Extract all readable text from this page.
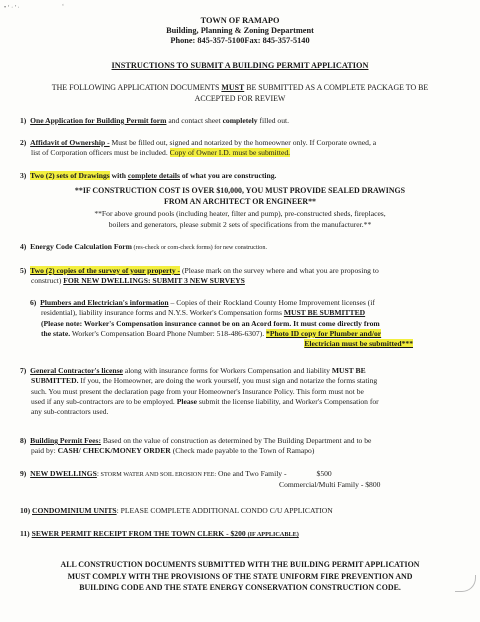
• ‘ · ’ ·	‘
TOWN OF RAMAPO
Building, Planning & Zoning Department
Phone: 845-357-5100Fax: 845-357-5140
INSTRUCTIONS TO SUBMIT A BUILDING PERMIT APPLICATION
THE FOLLOWING APPLICATION DOCUMENTS MUST BE SUBMITTED AS A COMPLETE PACKAGE TO BE
ACCEPTED FOR REVIEW
1) One Application for Building Permit form and contact sheet completely filled out.
2) Affidavit of Ownership - Must be filled out, signed and notarized by the homeowner only. If Corporate owned, a
list of Corporation officers must be included. Copy of Owner I.D. must be submitted.
3) Two (2) sets of Drawings with complete details of what you are constructing.
**IF CONSTRUCTION COST IS OVER $10,000, YOU MUST PROVIDE SEALED DRAWINGS
FROM AN ARCHITECT OR ENGINEER**
**For above ground pools (including heater, filter and pump), pre-constructed sheds, fireplaces,
boilers and generators, please submit 2 sets of specifications from the manufacturer.**
4) Energy Code Calculation Form (res-check or com-check forms) for new construction.
5) Two (2) copies of the survey of your property - (Please mark on the survey where and what you are proposing to
construct) FOR NEW DWELLINGS: SUBMIT 3 NEW SURVEYS
6) Plumbers and Electrician's information – Copies of their Rockland County Home Improvement licenses (if
residential), liability insurance forms and N.Y.S. Worker's Compensation forms MUST BE SUBMITTED
(Please note: Worker's Compensation insurance cannot be on an Acord form. It must come directly from
the state. Worker's Compensation Board Phone Number: 518-486-6307). *Photo ID copy for Plumber and/or
Electrician must be submitted***
7) General Contractor's license along with insurance forms for Workers Compensation and liability MUST BE
SUBMITTED. If you, the Homeowner, are doing the work yourself, you must sign and notarize the forms stating
such. You must present the declaration page from your Homeowner's Insurance Policy. This form must not be
used if any sub-contractors are to be employed. Please submit the license liability, and Worker's Compensation for
any sub-contractors used.
8) Building Permit Fees: Based on the value of construction as determined by The Building Department and to be
paid by: CASH/ CHECK/MONEY ORDER (Check made payable to the Town of Ramapo)
9) NEW DWELLINGS: STORM WATER AND SOIL EROSION FEE: One and Two Family -	$500
Commercial/Multi Family - $800
10) CONDOMINIUM UNITS: PLEASE COMPLETE ADDITIONAL CONDO C/U APPLICATION
11) SEWER PERMIT RECEIPT FROM THE TOWN CLERK - $200 (IF APPLICABLE)
ALL CONSTRUCTION DOCUMENTS SUBMITTED WITH THE BUILDING PERMIT APPLICATION
MUST COMPLY WITH THE PROVISIONS OF THE STATE UNIFORM FIRE PREVENTION AND
BUILDING CODE AND THE STATE ENERGY CONSERVATION CONSTRUCTION CODE.
